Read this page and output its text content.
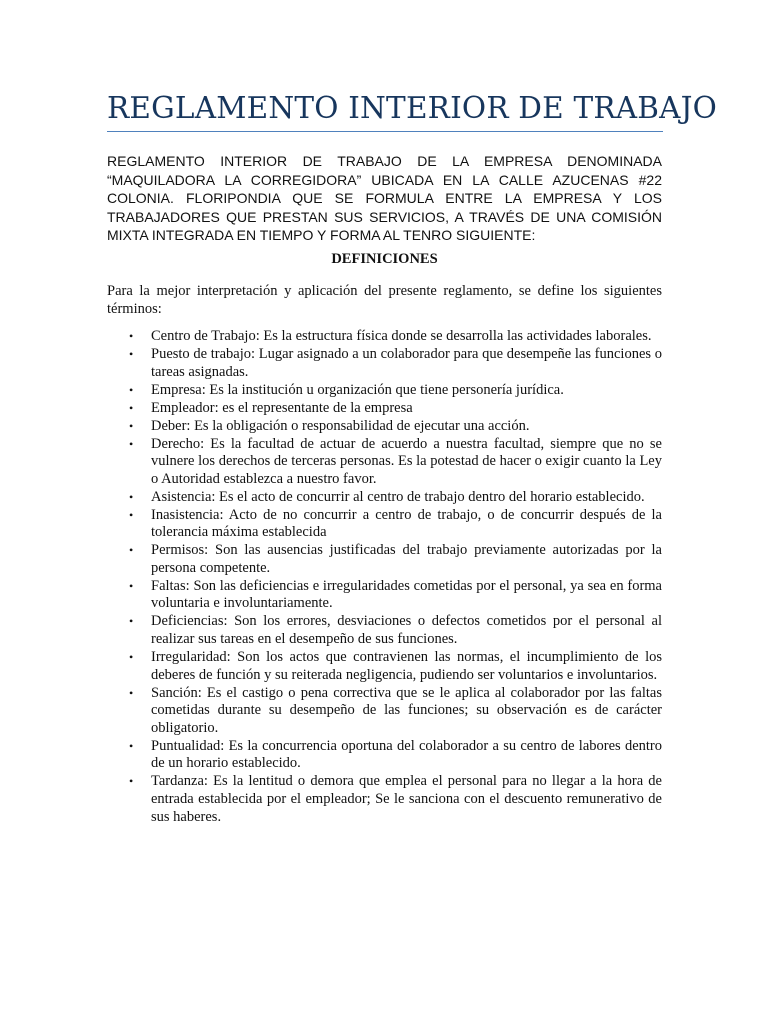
REGLAMENTO INTERIOR DE TRABAJO
REGLAMENTO INTERIOR DE TRABAJO DE LA EMPRESA DENOMINADA “MAQUILADORA LA CORREGIDORA” UBICADA EN LA CALLE AZUCENAS #22 COLONIA. FLORIPONDIA QUE SE FORMULA ENTRE LA EMPRESA Y LOS TRABAJADORES QUE PRESTAN SUS SERVICIOS, A TRAVÉS DE UNA COMISIÓN MIXTA INTEGRADA EN TIEMPO Y FORMA AL TENRO SIGUIENTE:
DEFINICIONES
Para la mejor interpretación y aplicación del presente reglamento, se define los siguientes términos:
• Centro de Trabajo: Es la estructura física donde se desarrolla las actividades laborales.
• Puesto de trabajo: Lugar asignado a un colaborador para que desempeñe las funciones o tareas asignadas.
• Empresa: Es la institución u organización que tiene personería jurídica.
• Empleador: es el representante de la empresa
• Deber: Es la obligación o responsabilidad de ejecutar una acción.
• Derecho: Es la facultad de actuar de acuerdo a nuestra facultad, siempre que no se vulnere los derechos de terceras personas. Es la potestad de hacer o exigir cuanto la Ley o Autoridad establezca a nuestro favor.
• Asistencia: Es el acto de concurrir al centro de trabajo dentro del horario establecido.
• Inasistencia: Acto de no concurrir a centro de trabajo, o de concurrir después de la tolerancia máxima establecida
• Permisos: Son las ausencias justificadas del trabajo previamente autorizadas por la persona competente.
• Faltas: Son las deficiencias e irregularidades cometidas por el personal, ya sea en forma voluntaria e involuntariamente.
• Deficiencias: Son los errores, desviaciones o defectos cometidos por el personal al realizar sus tareas en el desempeño de sus funciones.
• Irregularidad: Son los actos que contravienen las normas, el incumplimiento de los deberes de función y su reiterada negligencia, pudiendo ser voluntarios e involuntarios.
• Sanción: Es el castigo o pena correctiva que se le aplica al colaborador por las faltas cometidas durante su desempeño de las funciones; su observación es de carácter obligatorio.
• Puntualidad: Es la concurrencia oportuna del colaborador a su centro de labores dentro de un horario establecido.
• Tardanza: Es la lentitud o demora que emplea el personal para no llegar a la hora de entrada establecida por el empleador; Se le sanciona con el descuento remunerativo de sus haberes.
